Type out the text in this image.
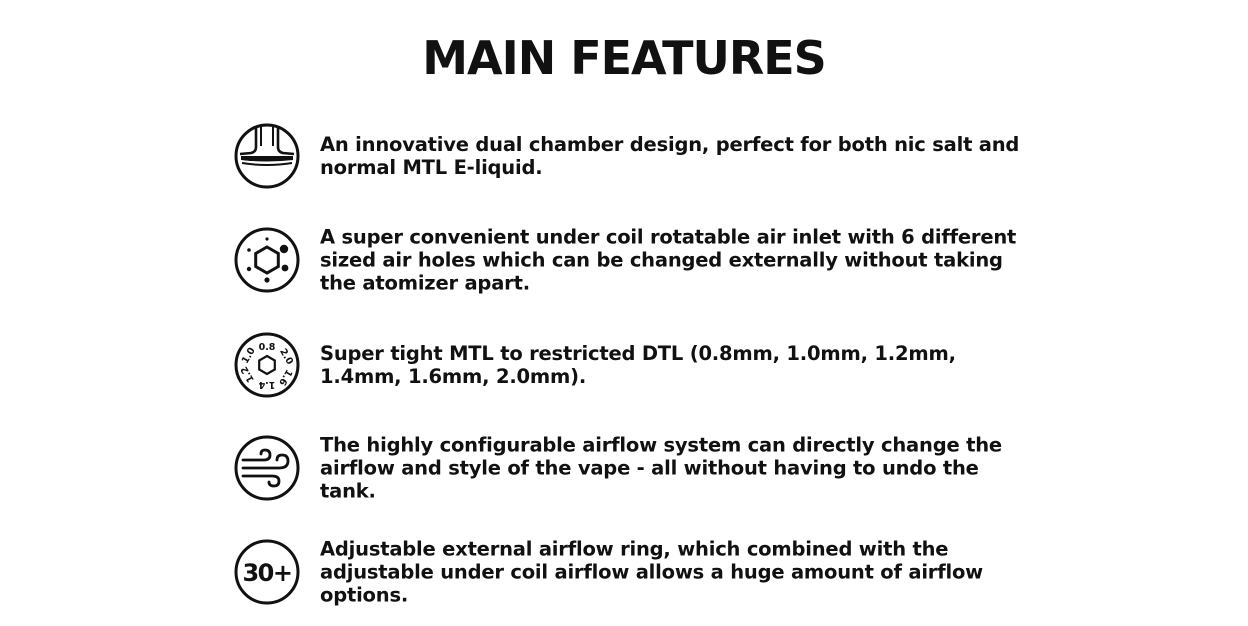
MAIN FEATURES
An innovative dual chamber design, perfect for both nic salt and normal MTL E-liquid.
A super convenient under coil rotatable air inlet with 6 different sized air holes which can be changed externally without taking the atomizer apart.
0.8 2.0
1.6
1.4
1.2
1.0	Super tight MTL to restricted DTL (0.8mm, 1.0mm, 1.2mm, 1.4mm, 1.6mm, 2.0mm).
The highly configurable airflow system can directly change the airflow and style of the vape - all without having to undo the tank.
30+
Adjustable external airflow ring, which combined with the adjustable under coil airflow allows a huge amount of airflow options.
